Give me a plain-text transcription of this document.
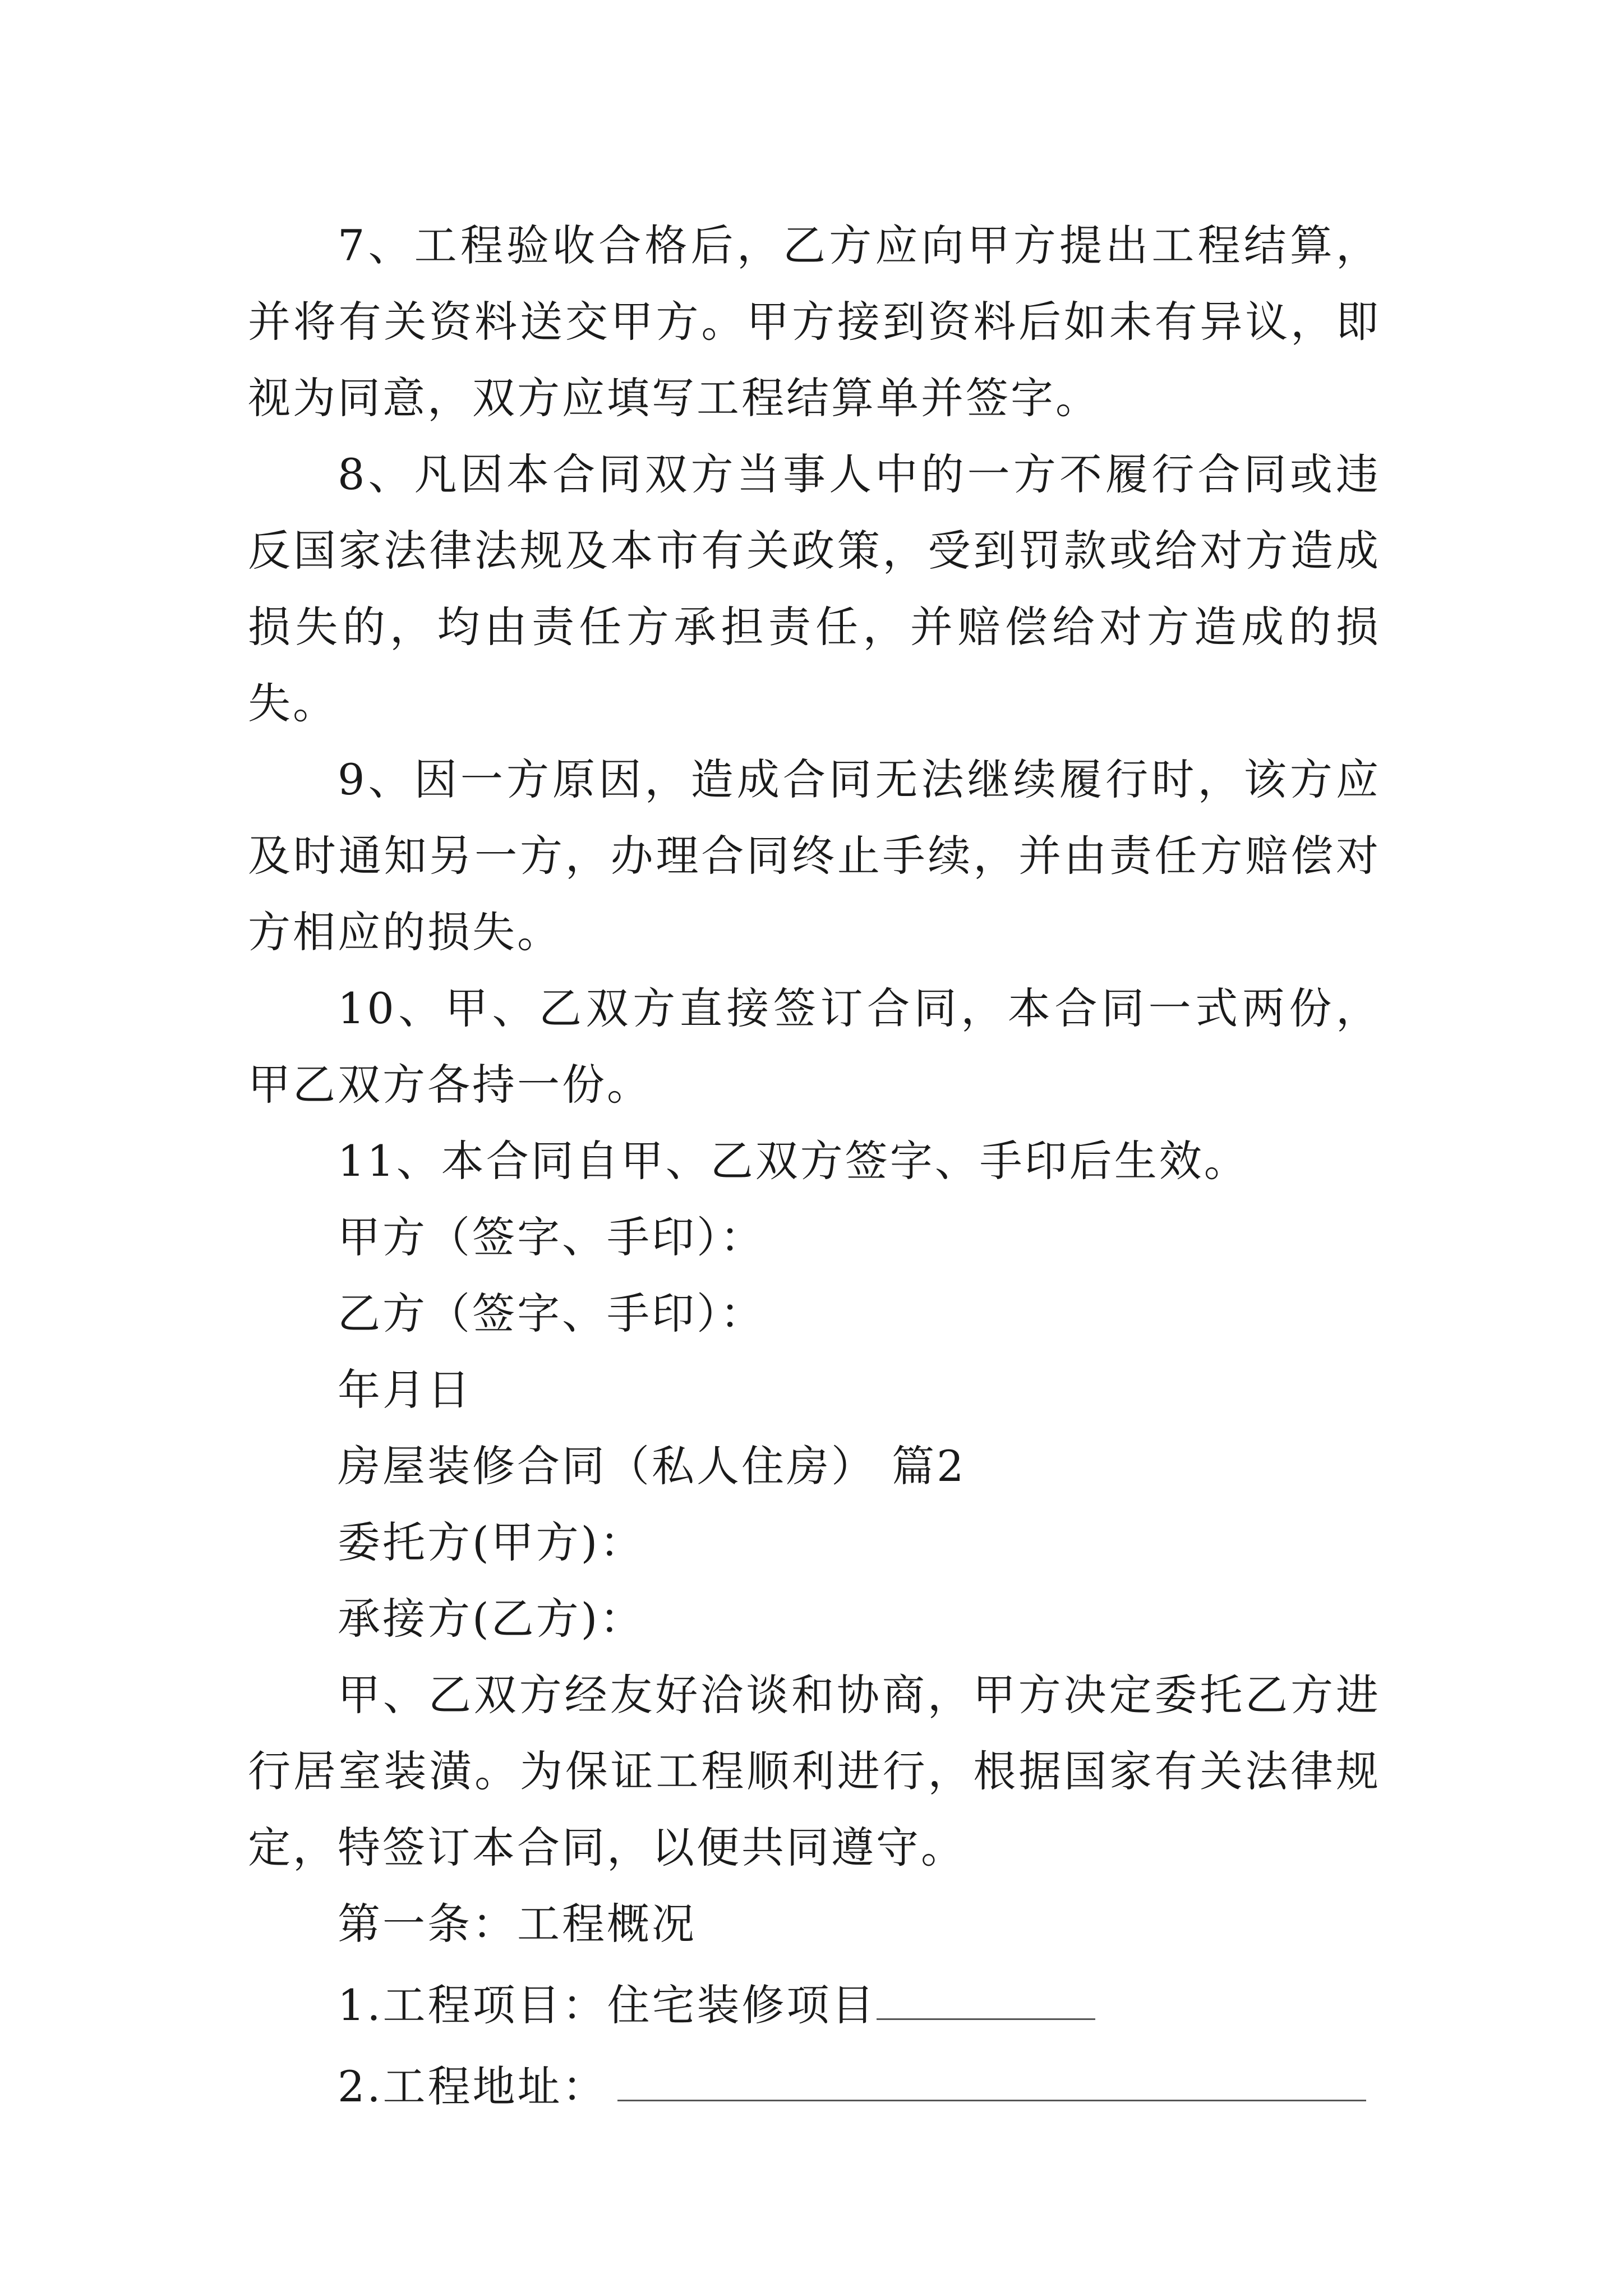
7、工程验收合格后，乙方应向甲方提出工程结算，并将有关资料送交甲方。甲方接到资料后如未有异议，即视为同意，双方应填写工程结算单并签字。

8、凡因本合同双方当事人中的一方不履行合同或违反国家法律法规及本市有关政策，受到罚款或给对方造成损失的，均由责任方承担责任，并赔偿给对方造成的损失。

9、因一方原因，造成合同无法继续履行时，该方应及时通知另一方，办理合同终止手续，并由责任方赔偿对方相应的损失。

10、甲、乙双方直接签订合同，本合同一式两份，甲乙双方各持一份。

11、本合同自甲、乙双方签字、手印后生效。

甲方（签字、手印）：

乙方（签字、手印）：

年月日

房屋装修合同（私人住房） 篇2

委托方(甲方)：

承接方(乙方)：

甲、乙双方经友好洽谈和协商，甲方决定委托乙方进行居室装潢。为保证工程顺利进行，根据国家有关法律规定，特签订本合同，以便共同遵守。

第一条：工程概况

1.工程项目：住宅装修项目

2.工程地址：
